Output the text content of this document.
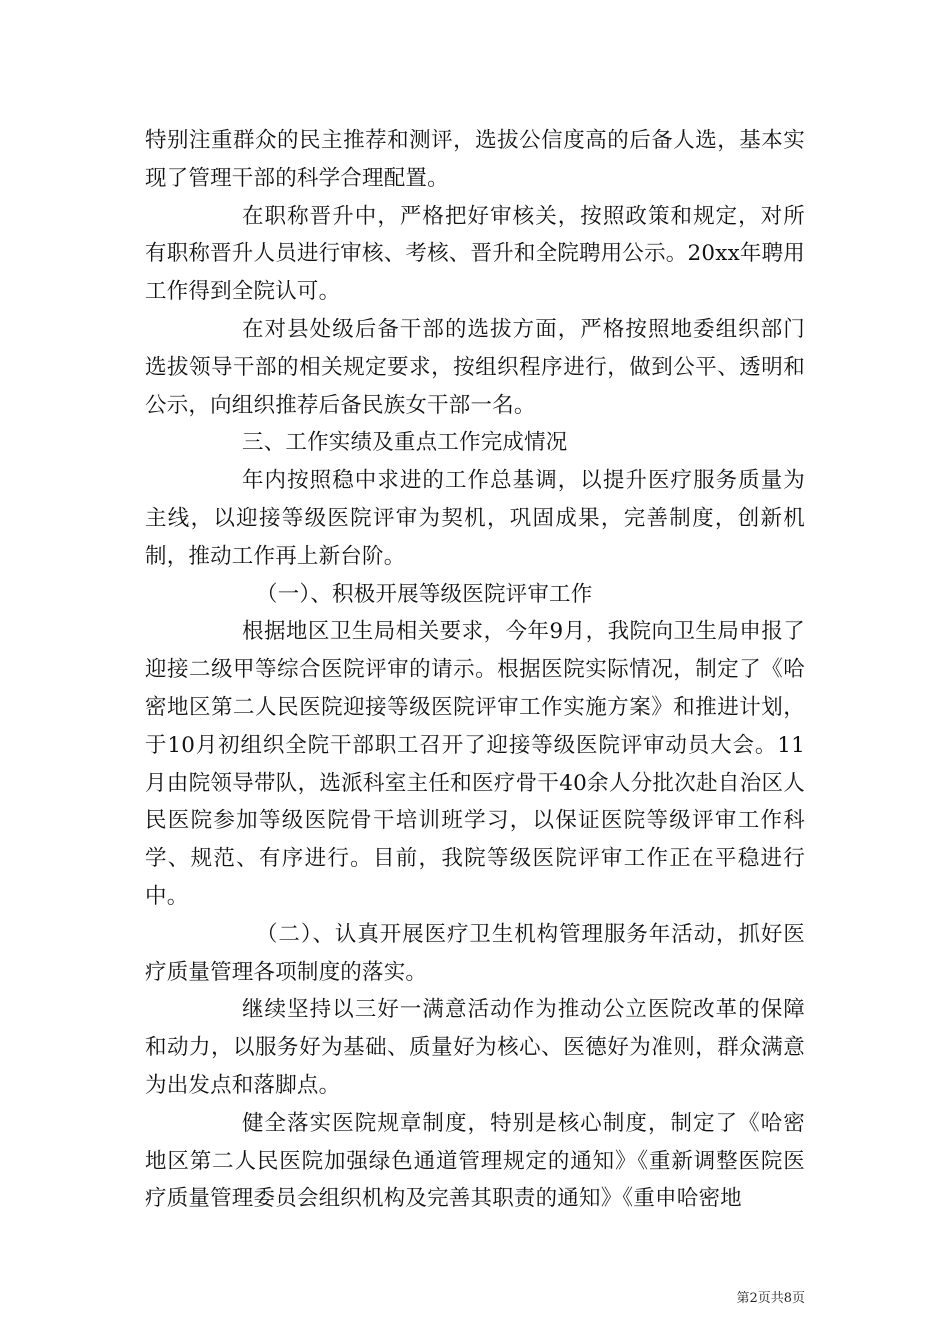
特别注重群众的民主推荐和测评，选拔公信度高的后备人选，基本实现了管理干部的科学合理配置。

在职称晋升中，严格把好审核关，按照政策和规定，对所有职称晋升人员进行审核、考核、晋升和全院聘用公示。20xx年聘用工作得到全院认可。

在对县处级后备干部的选拔方面，严格按照地委组织部门选拔领导干部的相关规定要求，按组织程序进行，做到公平、透明和公示，向组织推荐后备民族女干部一名。

三、工作实绩及重点工作完成情况

年内按照稳中求进的工作总基调，以提升医疗服务质量为主线，以迎接等级医院评审为契机，巩固成果，完善制度，创新机制，推动工作再上新台阶。

（一）、积极开展等级医院评审工作

根据地区卫生局相关要求，今年9月，我院向卫生局申报了迎接二级甲等综合医院评审的请示。根据医院实际情况，制定了《哈密地区第二人民医院迎接等级医院评审工作实施方案》和推进计划，于10月初组织全院干部职工召开了迎接等级医院评审动员大会。11月由院领导带队，选派科室主任和医疗骨干40余人分批次赴自治区人民医院参加等级医院骨干培训班学习，以保证医院等级评审工作科学、规范、有序进行。目前，我院等级医院评审工作正在平稳进行中。

（二）、认真开展医疗卫生机构管理服务年活动，抓好医疗质量管理各项制度的落实。

继续坚持以三好一满意活动作为推动公立医院改革的保障和动力，以服务好为基础、质量好为核心、医德好为准则，群众满意为出发点和落脚点。

健全落实医院规章制度，特别是核心制度，制定了《哈密地区第二人民医院加强绿色通道管理规定的通知》《重新调整医院医疗质量管理委员会组织机构及完善其职责的通知》《重申哈密地

第2页共8页
